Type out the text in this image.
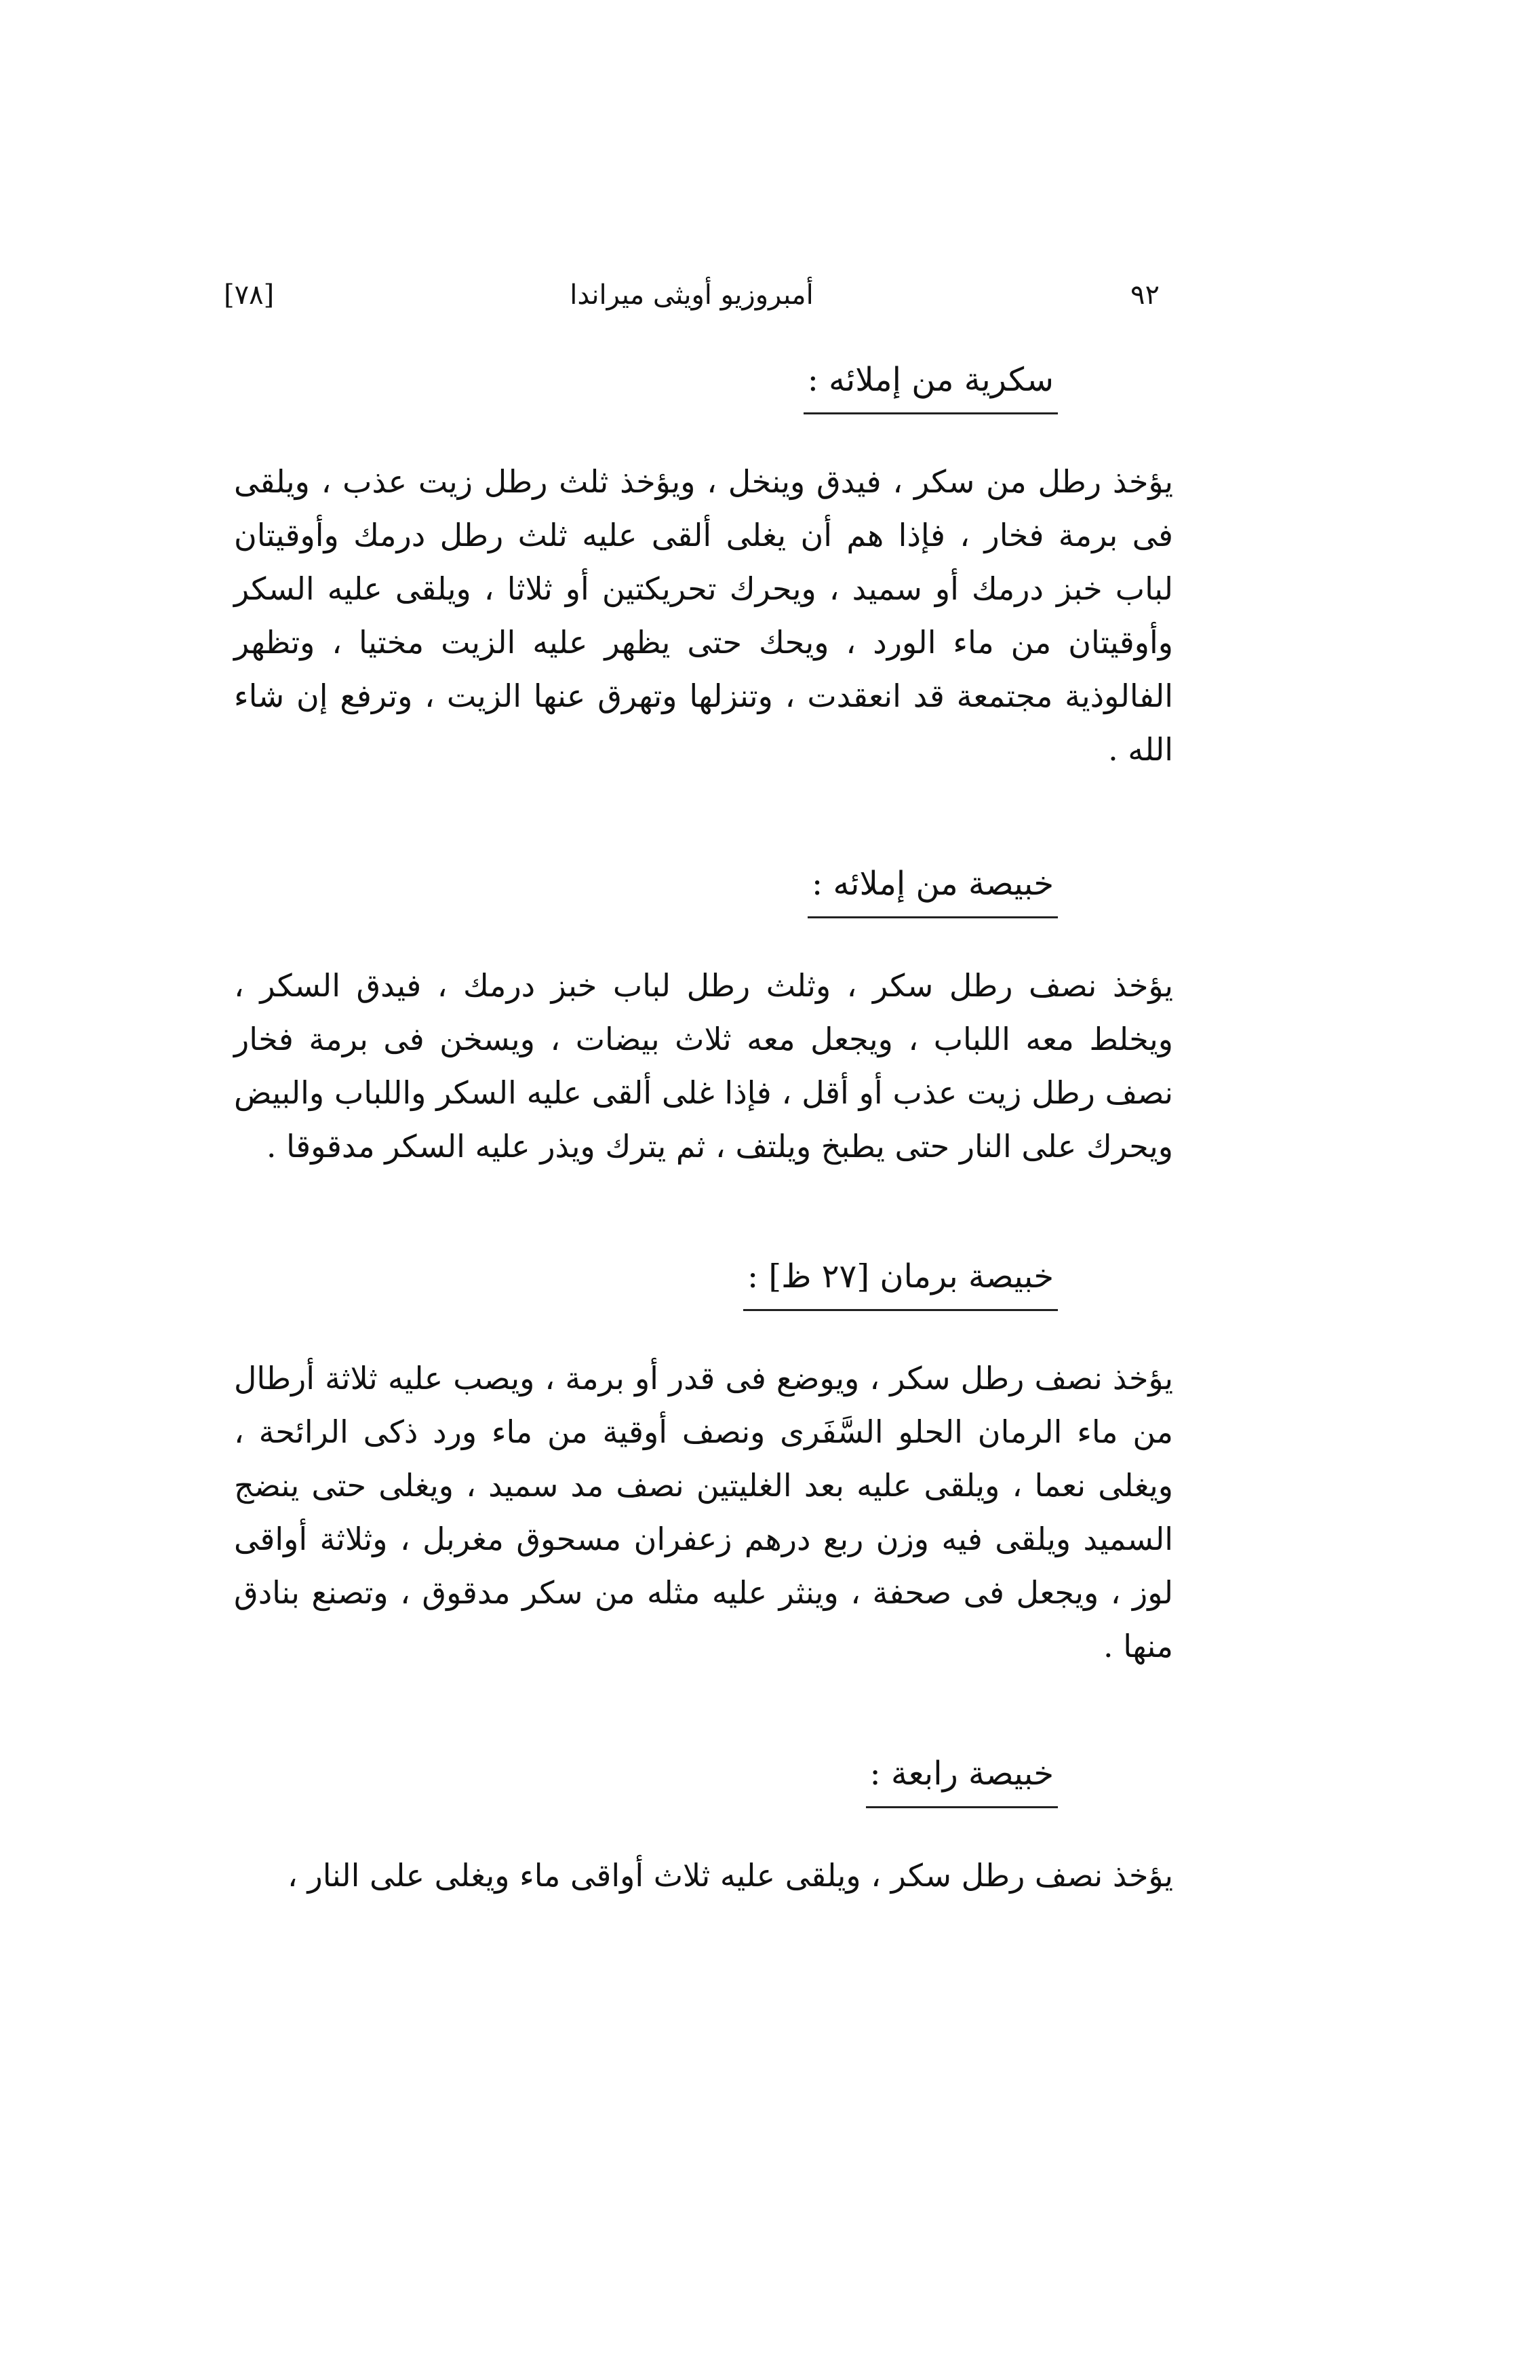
٩٢
أمبروزيو أويثى ميراندا
[٧٨]
سكرية من إملائه :

يؤخذ رطل من سكر ، فيدق وينخل ، ويؤخذ ثلث رطل زيت عذب ، ويلقى فى برمة فخار ، فإذا هم أن يغلى ألقى عليه ثلث رطل درمك وأوقيتان لباب خبز درمك أو سميد ، ويحرك تحريكتين أو ثلاثا ، ويلقى عليه السكر وأوقيتان من ماء الورد ، ويحك حتى يظهر عليه الزيت مختيا ، وتظهر الفالوذية مجتمعة قد انعقدت ، وتنزلها وتهرق عنها الزيت ، وترفع إن شاء الله .

خبيصة من إملائه :

يؤخذ نصف رطل سكر ، وثلث رطل لباب خبز درمك ، فيدق السكر ، ويخلط معه اللباب ، ويجعل معه ثلاث بيضات ، ويسخن فى برمة فخار نصف رطل زيت عذب أو أقل ، فإذا غلى ألقى عليه السكر واللباب والبيض ويحرك على النار حتى يطبخ ويلتف ، ثم يترك ويذر عليه السكر مدقوقا .

خبيصة برمان [٢٧ ظ] :

يؤخذ نصف رطل سكر ، ويوضع فى قدر أو برمة ، ويصب عليه ثلاثة أرطال من ماء الرمان الحلو السَّفَرى ونصف أوقية من ماء ورد ذكى الرائحة ، ويغلى نعما ، ويلقى عليه بعد الغليتين نصف مد سميد ، ويغلى حتى ينضج السميد ويلقى فيه وزن ربع درهم زعفران مسحوق مغربل ، وثلاثة أواقى لوز ، ويجعل فى صحفة ، وينثر عليه مثله من سكر مدقوق ، وتصنع بنادق منها .

خبيصة رابعة :

يؤخذ نصف رطل سكر ، ويلقى عليه ثلاث أواقى ماء ويغلى على النار ،
